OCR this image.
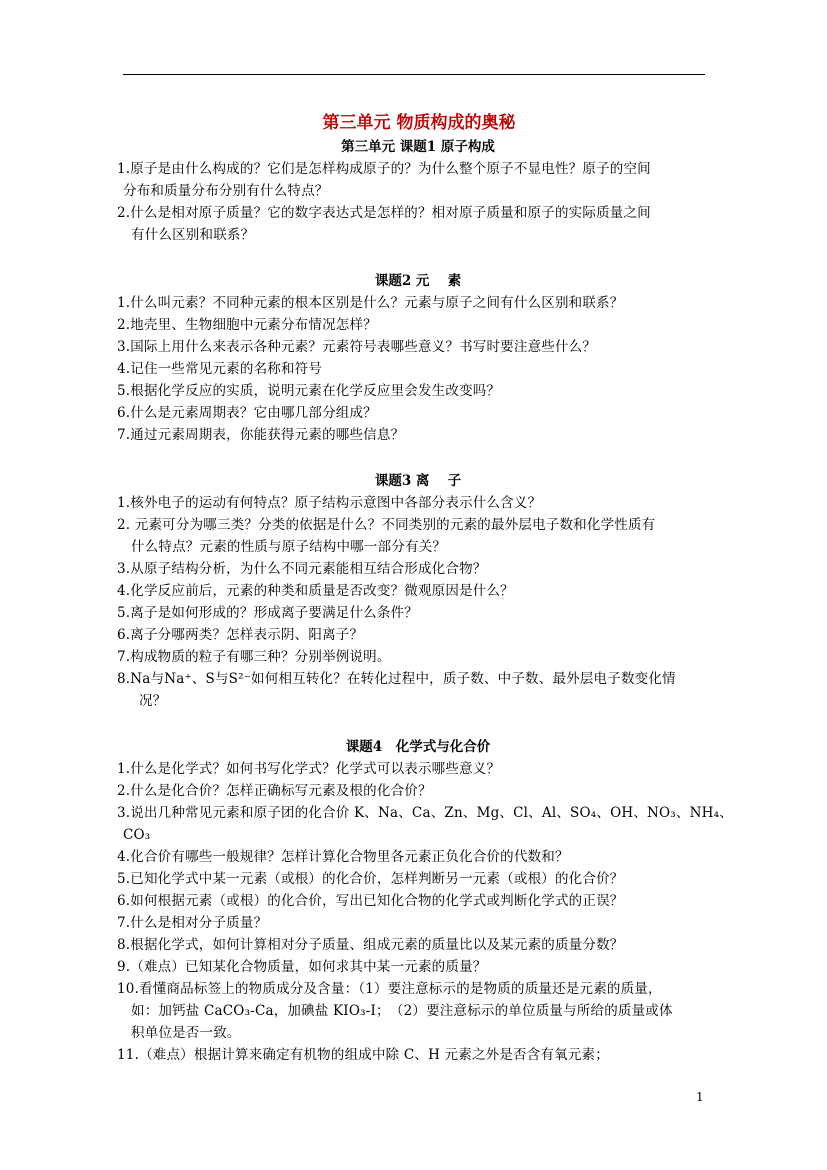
第三单元 物质构成的奥秘
第三单元 课题1 原子构成
1.原子是由什么构成的？它们是怎样构成原子的？为什么整个原子不显电性？原子的空间
分布和质量分布分别有什么特点？
2.什么是相对原子质量？它的数字表达式是怎样的？相对原子质量和原子的实际质量之间
有什么区别和联系？
课题2 元　 素
1.什么叫元素？不同种元素的根本区别是什么？元素与原子之间有什么区别和联系？
2.地壳里、生物细胞中元素分布情况怎样？
3.国际上用什么来表示各种元素？元素符号表哪些意义？书写时要注意些什么？
4.记住一些常见元素的名称和符号
5.根据化学反应的实质，说明元素在化学反应里会发生改变吗？
6.什么是元素周期表？它由哪几部分组成？
7.通过元素周期表，你能获得元素的哪些信息？
课题3 离　 子
1.核外电子的运动有何特点？原子结构示意图中各部分表示什么含义？
2. 元素可分为哪三类？分类的依据是什么？不同类别的元素的最外层电子数和化学性质有
什么特点？元素的性质与原子结构中哪一部分有关？
3.从原子结构分析，为什么不同元素能相互结合形成化合物？
4.化学反应前后，元素的种类和质量是否改变？微观原因是什么？
5.离子是如何形成的？形成离子要满足什么条件？
6.离子分哪两类？怎样表示阴、阳离子？
7.构成物质的粒子有哪三种？分别举例说明。
8.Na与Na⁺、S与S²⁻如何相互转化？在转化过程中，质子数、中子数、最外层电子数变化情
况？
课题4　化学式与化合价
1.什么是化学式？如何书写化学式？化学式可以表示哪些意义？
2.什么是化合价？怎样正确标写元素及根的化合价？
3.说出几种常见元素和原子团的化合价 K、Na、Ca、Zn、Mg、Cl、Al、SO₄、OH、NO₃、NH₄、
CO₃
4.化合价有哪些一般规律？怎样计算化合物里各元素正负化合价的代数和？
5.已知化学式中某一元素（或根）的化合价，怎样判断另一元素（或根）的化合价？
6.如何根据元素（或根）的化合价，写出已知化合物的化学式或判断化学式的正误？
7.什么是相对分子质量？
8.根据化学式，如何计算相对分子质量、组成元素的质量比以及某元素的质量分数？
9.（难点）已知某化合物质量，如何求其中某一元素的质量？
10.看懂商品标签上的物质成分及含量：（1）要注意标示的是物质的质量还是元素的质量，
如：加钙盐 CaCO₃-Ca，加碘盐 KIO₃-I；　（2）要注意标示的单位质量与所给的质量或体
积单位是否一致。
11.（难点）根据计算来确定有机物的组成中除 C、H 元素之外是否含有氧元素；
1
